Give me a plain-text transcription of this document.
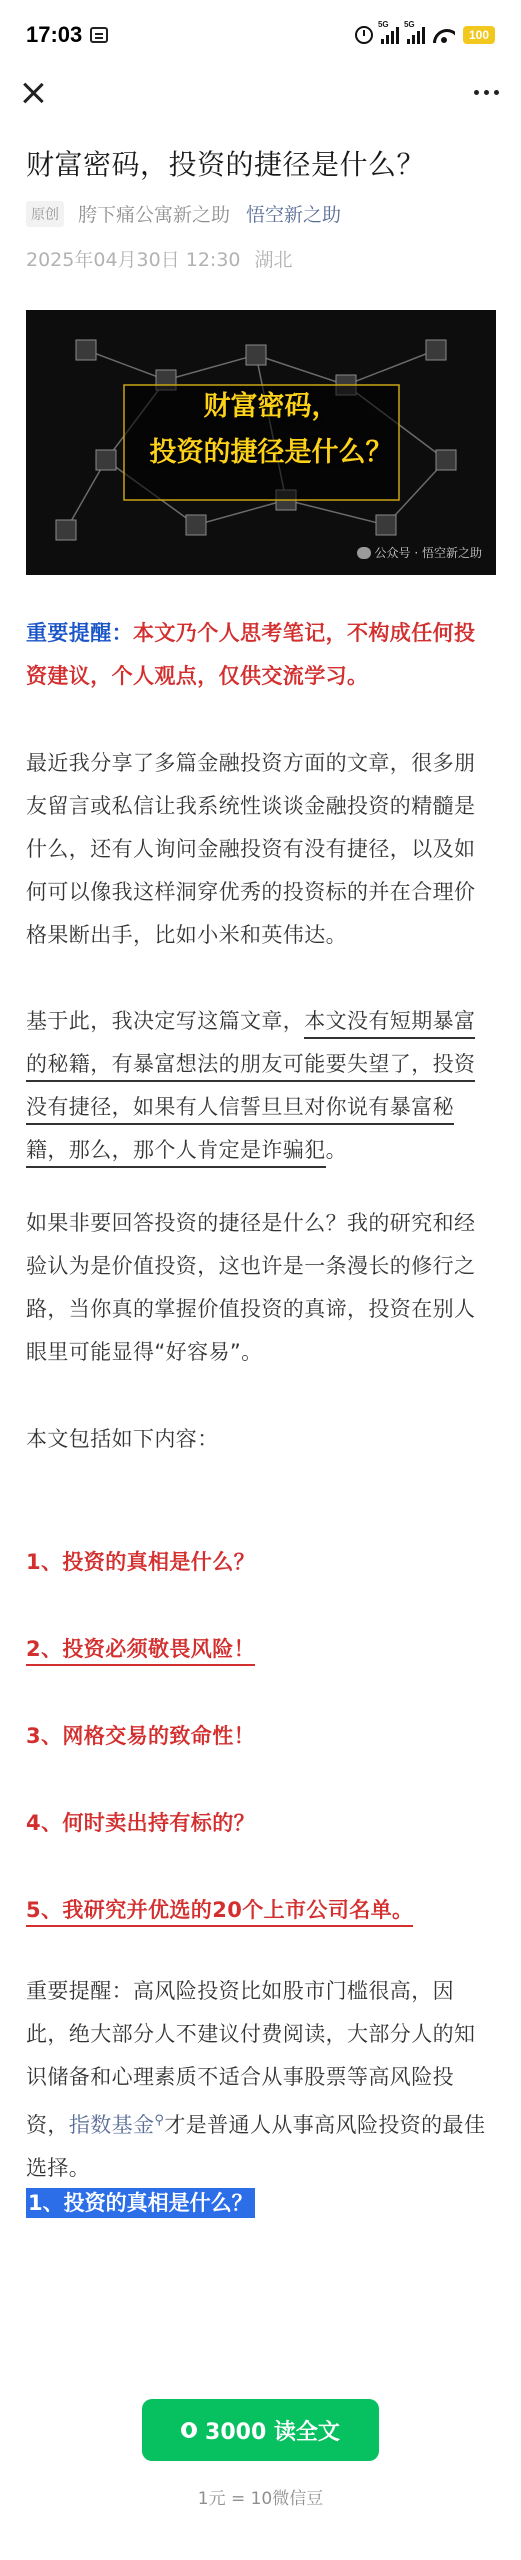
17:03	5G 5G
100
财富密码，投资的捷径是什么？
原创 胯下痛公寓新之助 悟空新之助
2025年04月30日 12:30 湖北
财富密码，
投资的捷径是什么？
公众号 · 悟空新之助

重要提醒：本文乃个人思考笔记，不构成任何投资建议，个人观点，仅供交流学习。

最近我分享了多篇金融投资方面的文章，很多朋友留言或私信让我系统性谈谈金融投资的精髓是什么，还有人询问金融投资有没有捷径，以及如何可以像我这样洞穿优秀的投资标的并在合理价格果断出手，比如小米和英伟达。

基于此，我决定写这篇文章，本文没有短期暴富的秘籍，有暴富想法的朋友可能要失望了，投资没有捷径，如果有人信誓旦旦对你说有暴富秘籍，那么，那个人肯定是诈骗犯。

如果非要回答投资的捷径是什么？我的研究和经验认为是价值投资，这也许是一条漫长的修行之路，当你真的掌握价值投资的真谛，投资在别人眼里可能显得“好容易”。

本文包括如下内容：

1、投资的真相是什么？
2、投资必须敬畏风险！
3、网格交易的致命性！
4、何时卖出持有标的？
5、我研究并优选的20个上市公司名单。

重要提醒：高风险投资比如股市门槛很高，因此，绝大部分人不建议付费阅读，大部分人的知识储备和心理素质不适合从事股票等高风险投资，指数基金⚲才是普通人从事高风险投资的最佳选择。

1、投资的真相是什么？
3000 读全文
1元 = 10微信豆
